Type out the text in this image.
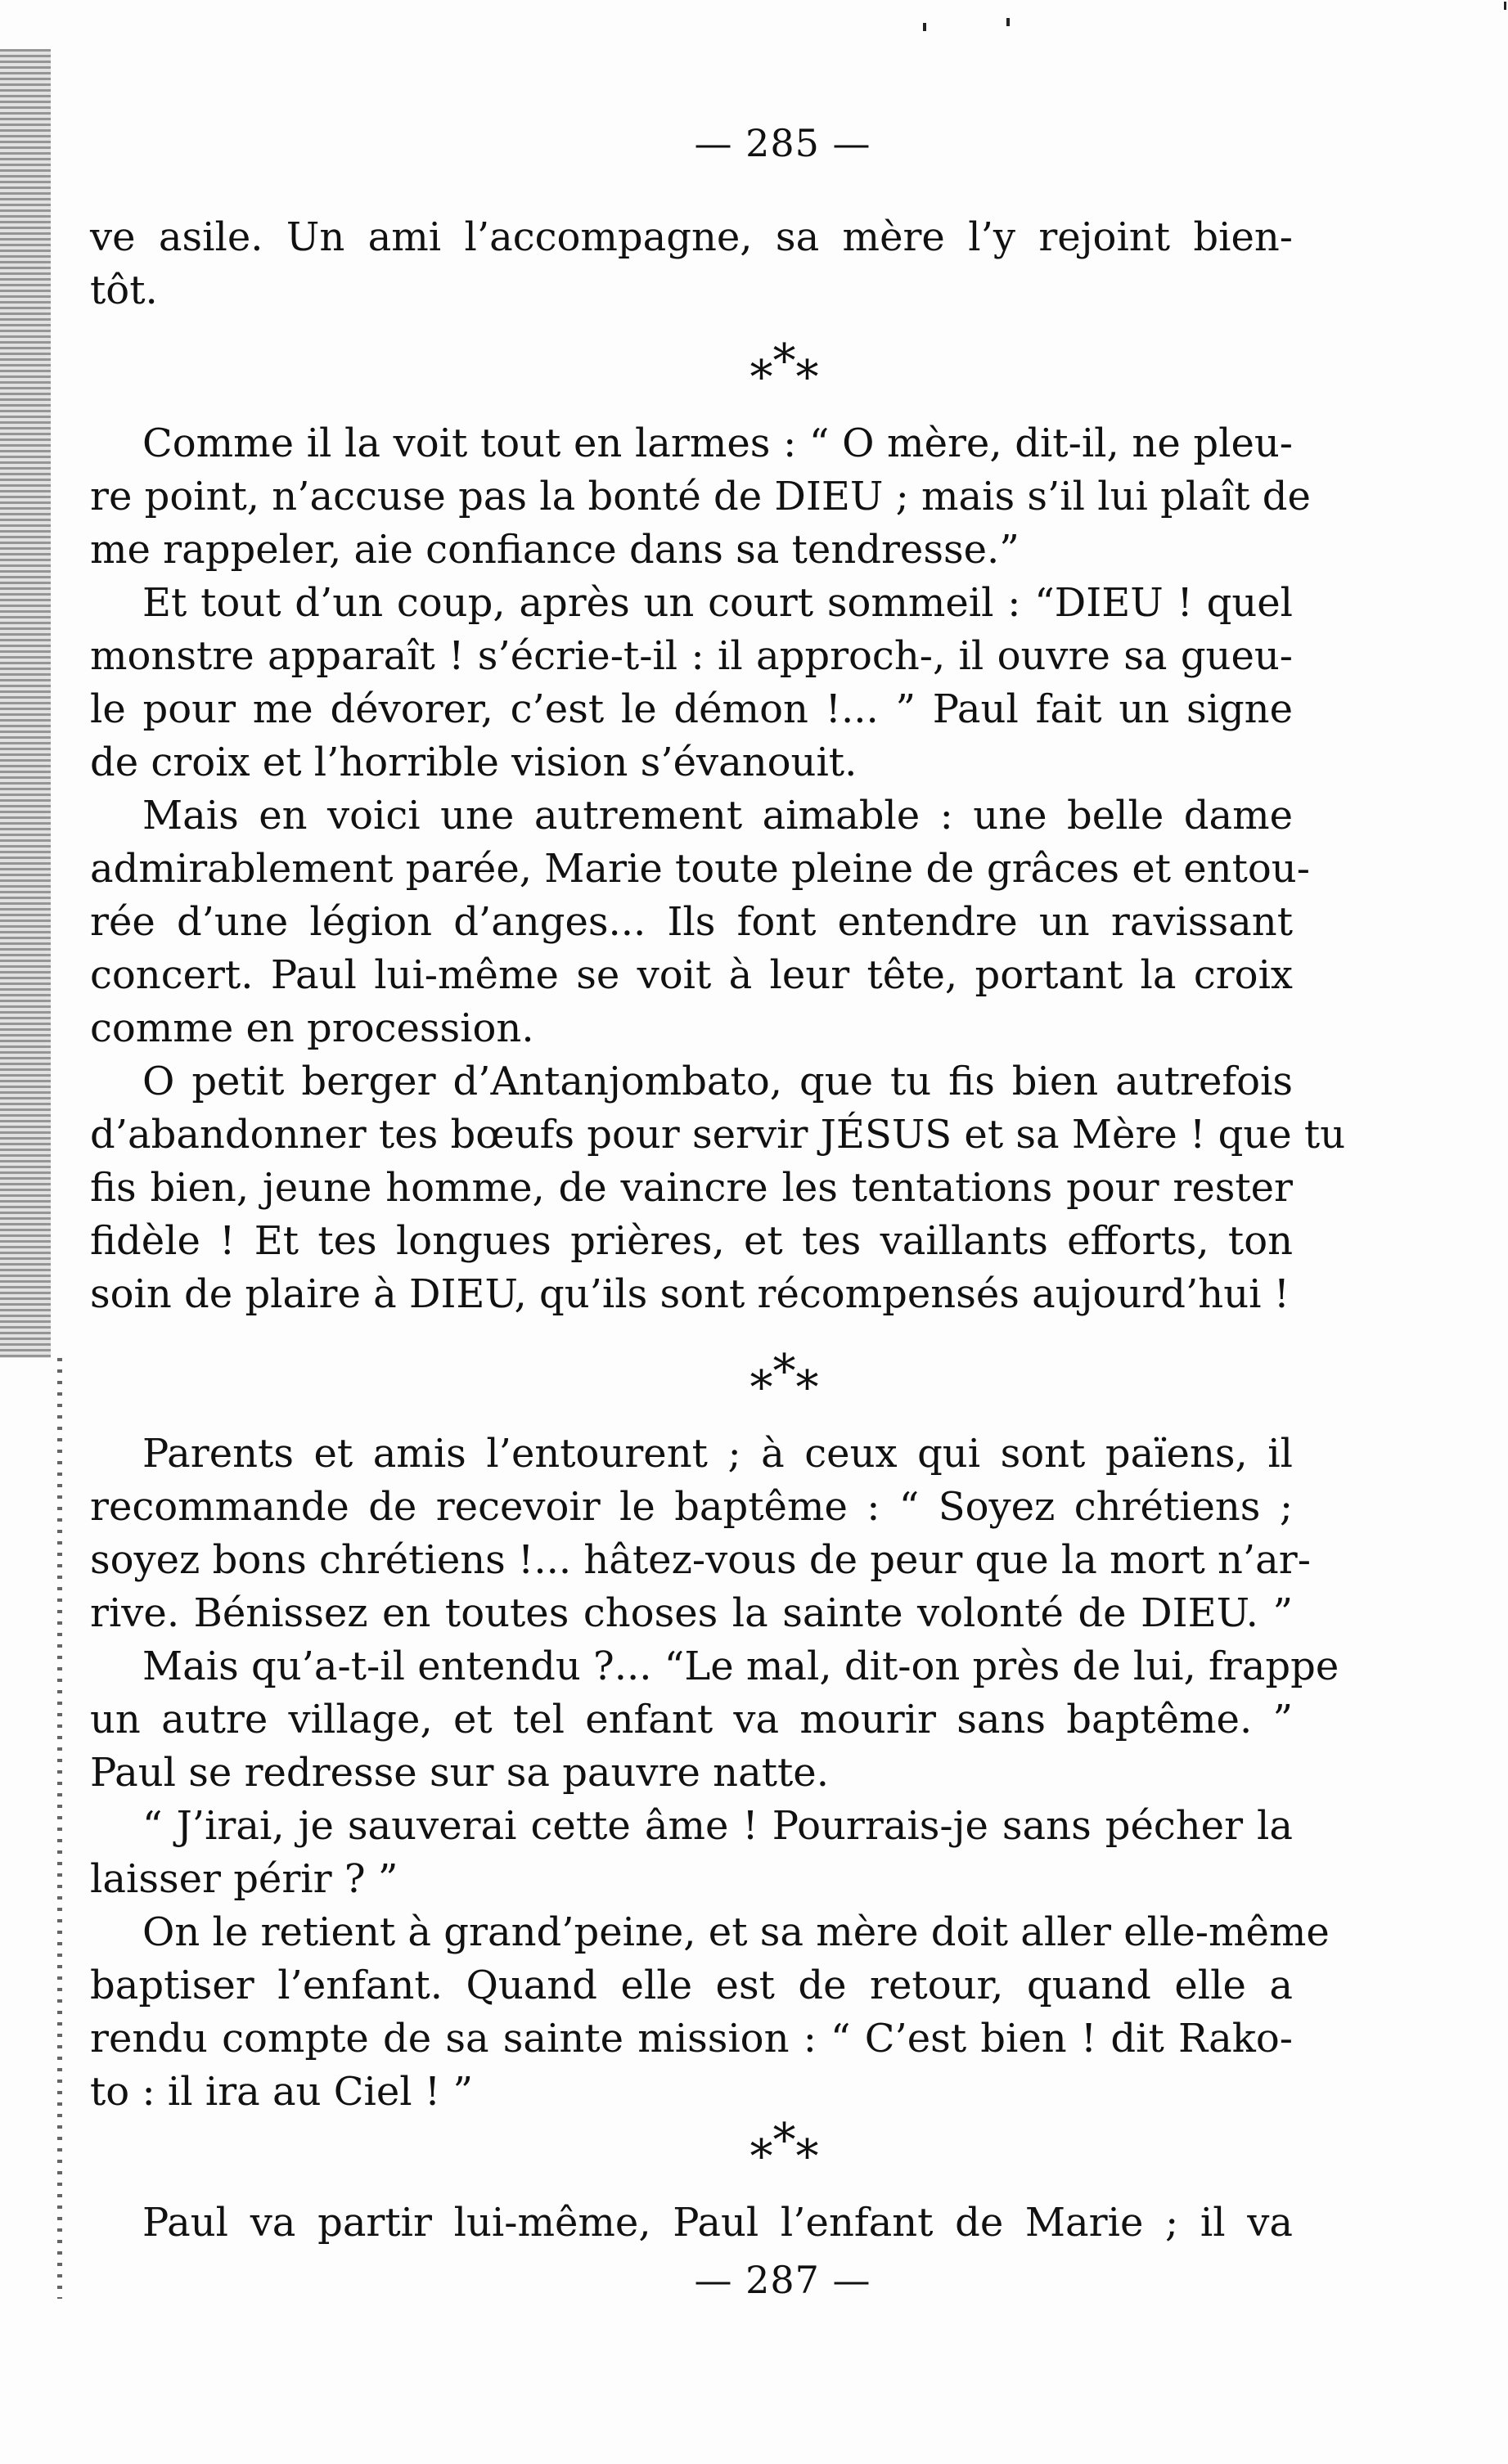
— 285 —
ve asile. Un ami l’accompagne, sa mère l’y rejoint bien-
tôt.
* * *
Comme il la voit tout en larmes : “ O mère, dit-il, ne pleu-
re point, n’accuse pas la bonté de DIEU ; mais s’il lui plaît de
me rappeler, aie confiance dans sa tendresse.”
Et tout d’un coup, après un court sommeil : “DIEU ! quel
monstre apparaît ! s’écrie-t-il : il approch-, il ouvre sa gueu-
le pour me dévorer, c’est le démon !... ” Paul fait un signe
de croix et l’horrible vision s’évanouit.
Mais en voici une autrement aimable : une belle dame
admirablement parée, Marie toute pleine de grâces et entou-
rée d’une légion d’anges... Ils font entendre un ravissant
concert. Paul lui-même se voit à leur tête, portant la croix
comme en procession.
O petit berger d’Antanjombato, que tu fis bien autrefois
d’abandonner tes bœufs pour servir JÉSUS et sa Mère ! que tu
fis bien, jeune homme, de vaincre les tentations pour rester
fidèle ! Et tes longues prières, et tes vaillants efforts, ton
soin de plaire à DIEU, qu’ils sont récompensés aujourd’hui !
* * *
Parents et amis l’entourent ; à ceux qui sont païens, il
recommande de recevoir le baptême : “ Soyez chrétiens ;
soyez bons chrétiens !... hâtez-vous de peur que la mort n’ar-
rive. Bénissez en toutes choses la sainte volonté de DIEU. ”
Mais qu’a-t-il entendu ?... “Le mal, dit-on près de lui, frappe
un autre village, et tel enfant va mourir sans baptême. ”
Paul se redresse sur sa pauvre natte.
“ J’irai, je sauverai cette âme ! Pourrais-je sans pécher la
laisser périr ? ”
On le retient à grand’peine, et sa mère doit aller elle-même
baptiser l’enfant. Quand elle est de retour, quand elle a
rendu compte de sa sainte mission : “ C’est bien ! dit Rako-
to : il ira au Ciel ! ”
* * *
Paul va partir lui-même, Paul l’enfant de Marie ; il va
— 287 —
